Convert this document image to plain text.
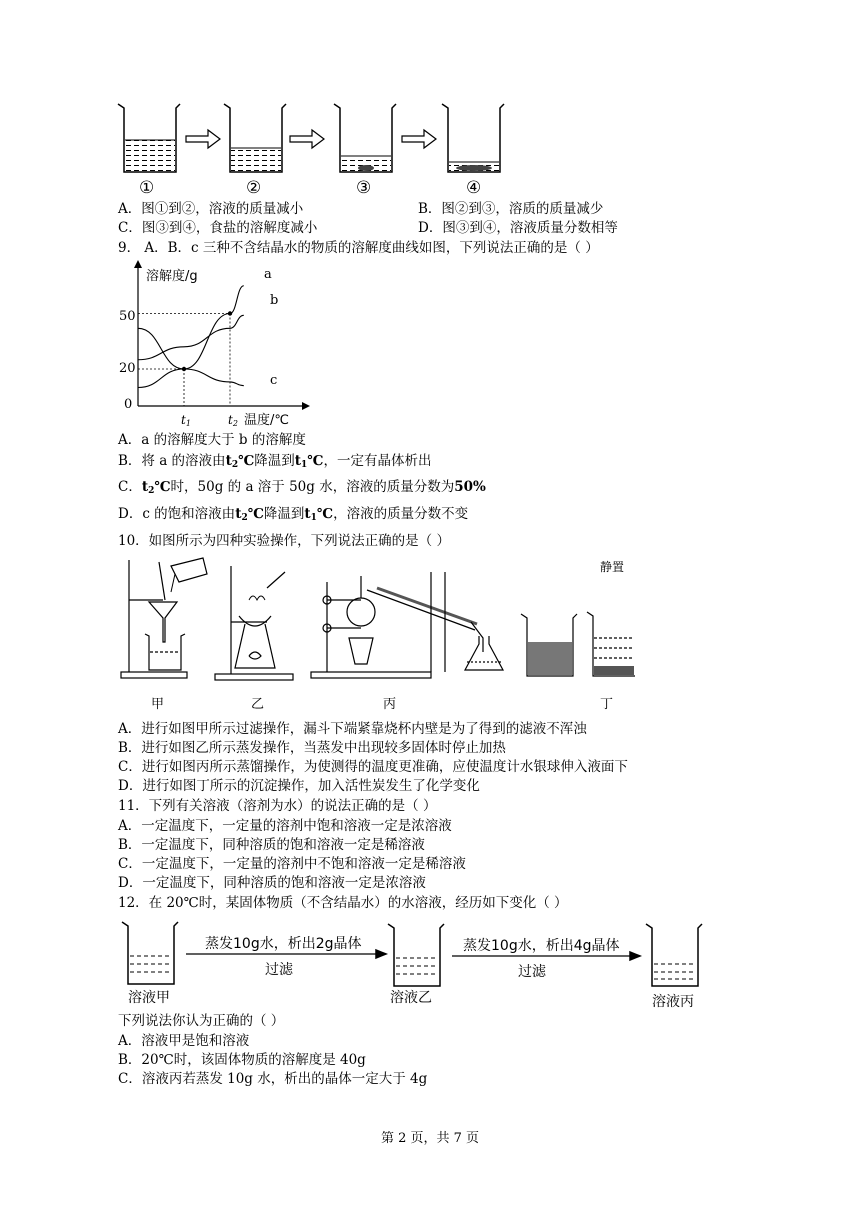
①	②	③	④
A．图①到②，溶液的质量减小	B．图②到③，溶质的质量减少
C．图③到④，食盐的溶解度减小	D．图③到④，溶液质量分数相等
9． A．B．c 三种不含结晶水的物质的溶解度曲线如图，下列说法正确的是（ ）
溶解度/g
50
20
0
t1	t2 温度/℃
a
b
c
A．a 的溶解度大于 b 的溶解度
B．将 a 的溶液由$t_2℃$降温到$t_1℃$，一定有晶体析出
C．$t_2℃$时，50g 的 a 溶于 50g 水，溶液的质量分数为50%
D．c 的饱和溶液由$t_2℃$降温到$t_1℃$，溶液的质量分数不变
10．如图所示为四种实验操作，下列说法正确的是（ ）
静置
甲	乙	丙	丁
A．进行如图甲所示过滤操作，漏斗下端紧靠烧杯内壁是为了得到的滤液不浑浊
B．进行如图乙所示蒸发操作，当蒸发中出现较多固体时停止加热
C．进行如图丙所示蒸馏操作，为使测得的温度更准确，应使温度计水银球伸入液面下
D．进行如图丁所示的沉淀操作，加入活性炭发生了化学变化
11．下列有关溶液（溶剂为水）的说法正确的是（ ）
A．一定温度下，一定量的溶剂中饱和溶液一定是浓溶液
B．一定温度下，同种溶质的饱和溶液一定是稀溶液
C．一定温度下，一定量的溶剂中不饱和溶液一定是稀溶液
D．一定温度下，同种溶质的饱和溶液一定是浓溶液
12．在 20℃时，某固体物质（不含结晶水）的水溶液，经历如下变化（ ）
蒸发10g水，析出2g晶体
过滤
蒸发10g水，析出4g晶体
过滤
溶液甲	溶液乙	溶液丙
下列说法你认为正确的（ ）
A．溶液甲是饱和溶液
B．20℃时，该固体物质的溶解度是 40g
C．溶液丙若蒸发 10g 水，析出的晶体一定大于 4g
第 2 页，共 7 页
